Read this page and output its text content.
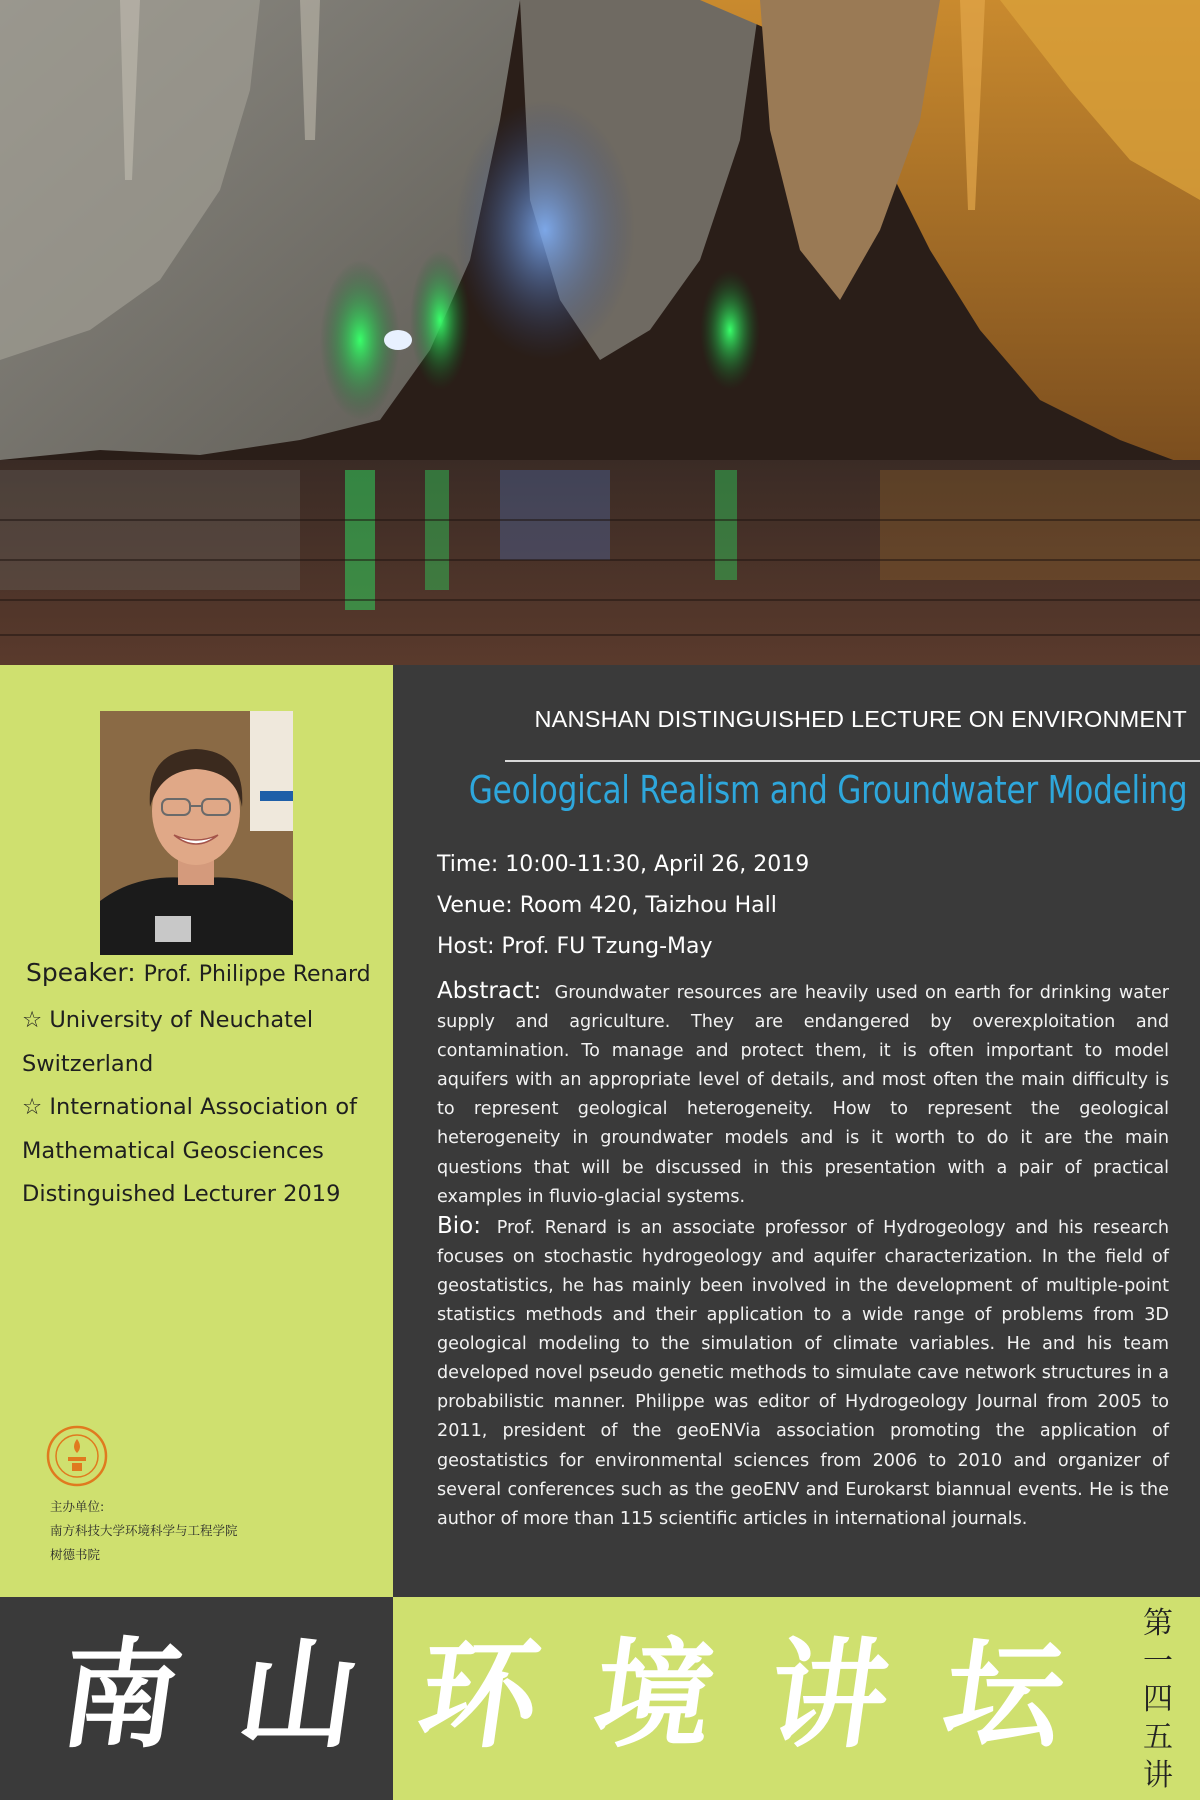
Speaker: Prof. Philippe Renard

☆ University of Neuchatel Switzerland

☆ International Association of Mathematical Geosciences Distinguished Lecturer 2019

主办单位:

南方科技大学环境科学与工程学院

树德书院

NANSHAN DISTINGUISHED LECTURE ON ENVIRONMENT
Geological Realism and Groundwater Modeling

Time: 10:00-11:30, April 26, 2019

Venue: Room 420, Taizhou Hall

Host: Prof. FU Tzung-May

Abstract: Groundwater resources are heavily used on earth for drinking water supply and agriculture. They are endangered by overexploitation and contamination. To manage and protect them, it is often important to model aquifers with an appropriate level of details, and most often the main difficulty is to represent geological heterogeneity. How to represent the geological heterogeneity in groundwater models and is it worth to do it are the main questions that will be discussed in this presentation with a pair of practical examples in fluvio-glacial systems.

Bio: Prof. Renard is an associate professor of Hydrogeology and his research focuses on stochastic hydrogeology and aquifer characterization. In the field of geostatistics, he has mainly been involved in the development of multiple-point statistics methods and their application to a wide range of problems from 3D geological modeling to the simulation of climate variables. He and his team developed novel pseudo genetic methods to simulate cave network structures in a probabilistic manner. Philippe was editor of Hydrogeology Journal from 2005 to 2011, president of the geoENVia association promoting the application of geostatistics for environmental sciences from 2006 to 2010 and organizer of several conferences such as the geoENV and Eurokarst biannual events. He is the author of more than 115 scientific articles in international journals.

南 山 环 境 讲 坛
第
一
四
五
讲
